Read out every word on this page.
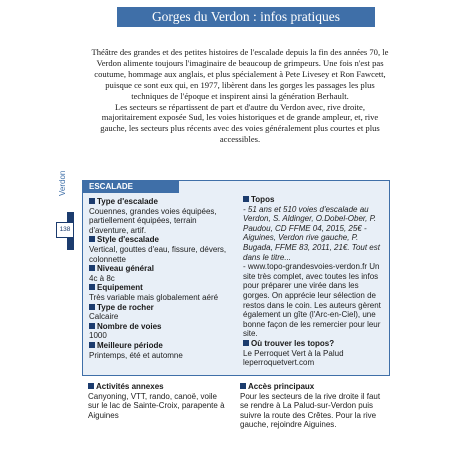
Gorges du Verdon : infos pratiques

Théâtre des grandes et des petites histoires de l'escalade depuis la fin des années 70, le Verdon alimente toujours l'imaginaire de beaucoup de grimpeurs. Une fois n'est pas coutume, hommage aux anglais, et plus spécialement à Pete Livesey et Ron Fawcett, puisque ce sont eux qui, en 1977, libèrent dans les gorges les passages les plus techniques de l'époque et inspirent ainsi la génération Berhault.

Les secteurs se répartissent de part et d'autre du Verdon avec, rive droite, majoritairement exposée Sud, les voies historiques et de grande ampleur, et, rive gauche, les secteurs plus récents avec des voies généralement plus courtes et plus accessibles.

Verdon
138
ESCALADE
Type d'escalade
Couennes, grandes voies équipées, partiellement équipées, terrain d'aventure, artif.
Style d'escalade
Vertical, gouttes d'eau, fissure, dévers, colonnette
Niveau général
4c à 8c
Equipement
Très variable mais globalement aéré
Type de rocher
Calcaire
Nombre de voies
1000
Meilleure période
Printemps, été et automne
Topos
- 51 ans et 510 voies d'escalade au Verdon, S. Aldinger, O.Dobel-Ober, P. Paudou, CD FFME 04, 2015, 25€ - Aiguines, Verdon rive gauche, P. Bugada, FFME 83, 2011, 21€. Tout est dans le titre...
- www.topo-grandesvoies-verdon.fr Un site très complet, avec toutes les infos pour préparer une virée dans les gorges. On apprécie leur sélection de restos dans le coin. Les auteurs gèrent également un gîte (l'Arc-en-Ciel), une bonne façon de les remercier pour leur site.
Où trouver les topos?
Le Perroquet Vert à la Palud
leperroquetvert.com
Activités annexes
Canyoning, VTT, rando, canoë, voile sur le lac de Sainte-Croix, parapente à Aiguines
Accès principaux
Pour les secteurs de la rive droite il faut se rendre à La Palud-sur-Verdon puis suivre la route des Crêtes. Pour la rive gauche, rejoindre Aiguines.
